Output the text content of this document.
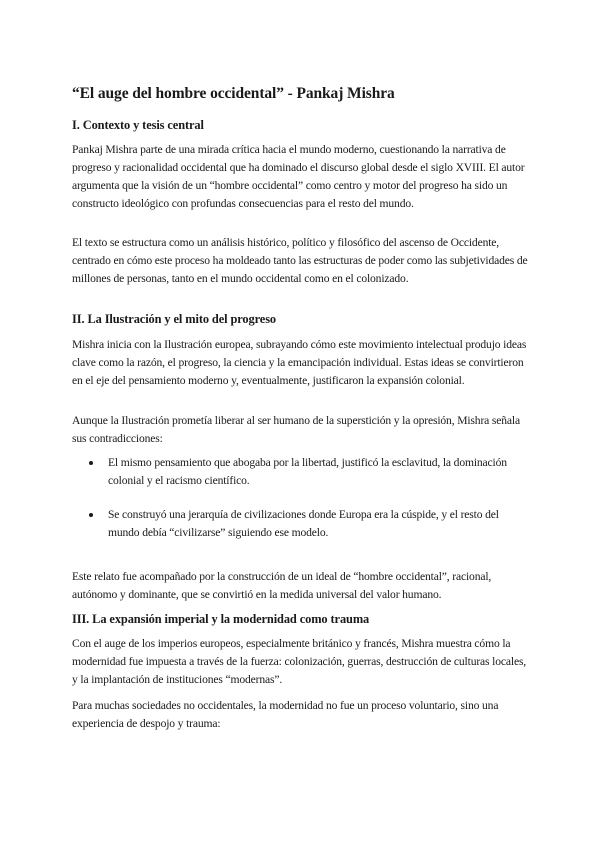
“El auge del hombre occidental” - Pankaj Mishra
I. Contexto y tesis central

Pankaj Mishra parte de una mirada crítica hacia el mundo moderno, cuestionando la narrativa de progreso y racionalidad occidental que ha dominado el discurso global desde el siglo XVIII. El autor argumenta que la visión de un “hombre occidental” como centro y motor del progreso ha sido un constructo ideológico con profundas consecuencias para el resto del mundo.

El texto se estructura como un análisis histórico, político y filosófico del ascenso de Occidente, centrado en cómo este proceso ha moldeado tanto las estructuras de poder como las subjetividades de millones de personas, tanto en el mundo occidental como en el colonizado.

II. La Ilustración y el mito del progreso

Mishra inicia con la Ilustración europea, subrayando cómo este movimiento intelectual produjo ideas clave como la razón, el progreso, la ciencia y la emancipación individual. Estas ideas se convirtieron en el eje del pensamiento moderno y, eventualmente, justificaron la expansión colonial.

Aunque la Ilustración prometía liberar al ser humano de la superstición y la opresión, Mishra señala sus contradicciones:

El mismo pensamiento que abogaba por la libertad, justificó la esclavitud, la dominación colonial y el racismo científico.
Se construyó una jerarquía de civilizaciones donde Europa era la cúspide, y el resto del mundo debía “civilizarse” siguiendo ese modelo.

Este relato fue acompañado por la construcción de un ideal de “hombre occidental”, racional, autónomo y dominante, que se convirtió en la medida universal del valor humano.

III. La expansión imperial y la modernidad como trauma

Con el auge de los imperios europeos, especialmente británico y francés, Mishra muestra cómo la modernidad fue impuesta a través de la fuerza: colonización, guerras, destrucción de culturas locales, y la implantación de instituciones “modernas”.

Para muchas sociedades no occidentales, la modernidad no fue un proceso voluntario, sino una experiencia de despojo y trauma:
